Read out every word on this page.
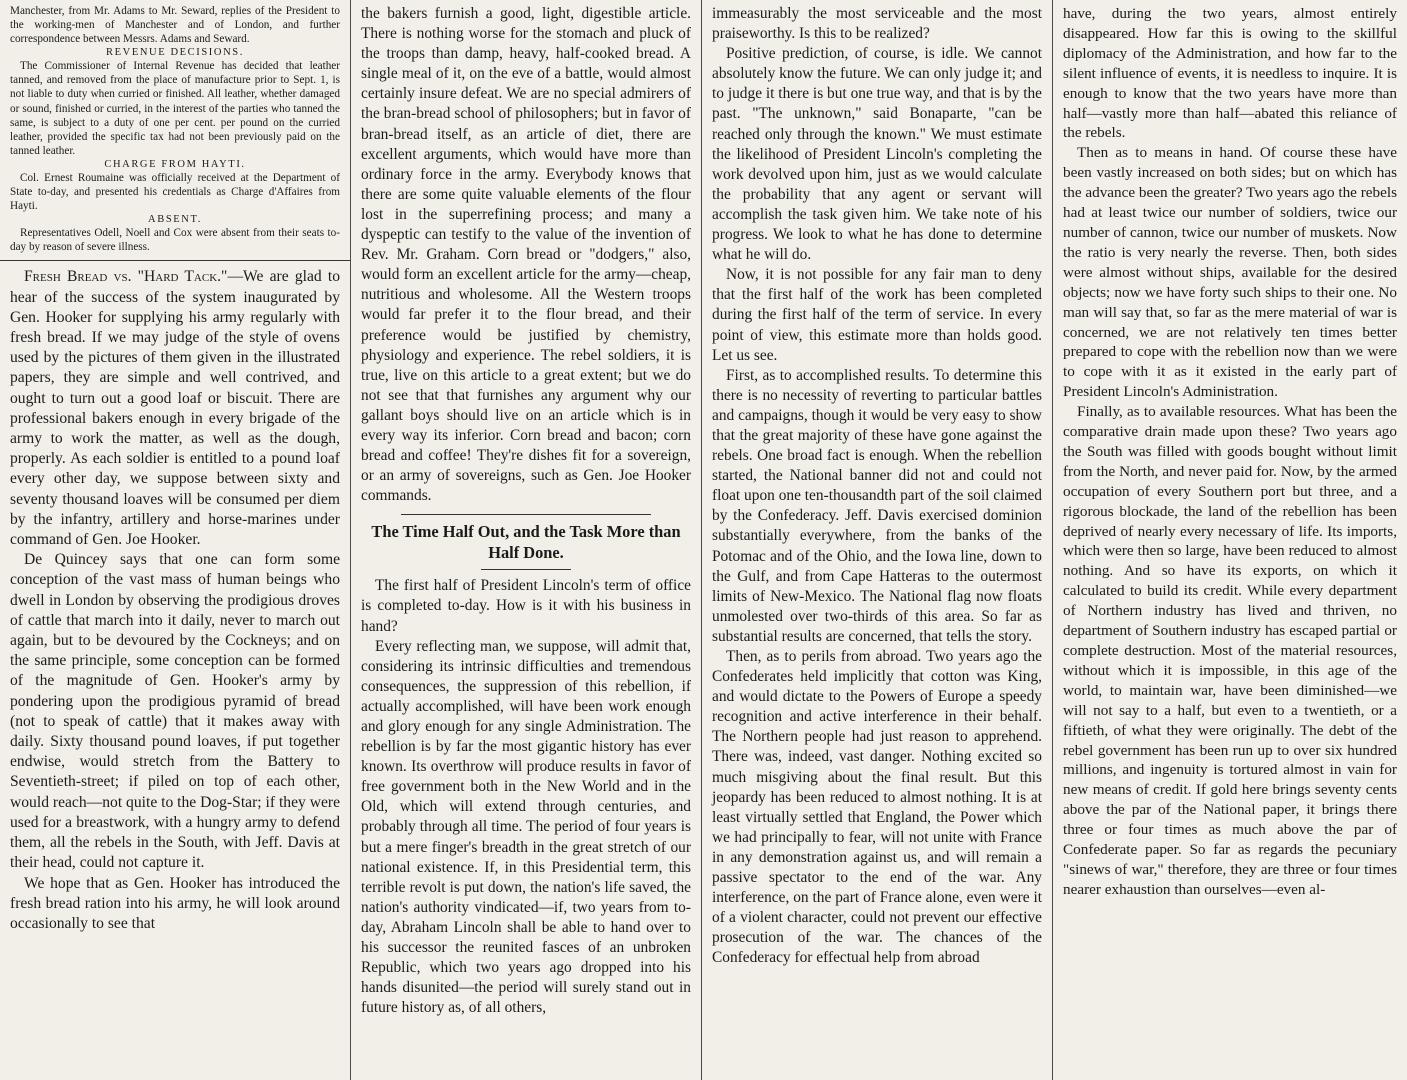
Manchester, from Mr. Adams to Mr. Seward, replies of the President to the working-men of Manchester and of London, and further correspondence between Messrs. Adams and Seward.

REVENUE DECISIONS.

The Commissioner of Internal Revenue has decided that leather tanned, and removed from the place of manufacture prior to Sept. 1, is not liable to duty when curried or finished. All leather, whether damaged or sound, finished or curried, in the interest of the parties who tanned the same, is subject to a duty of one per cent. per pound on the curried leather, provided the specific tax had not been previously paid on the tanned leather.

CHARGE FROM HAYTI.

Col. Ernest Roumaine was officially received at the Department of State to-day, and presented his credentials as Charge d'Affaires from Hayti.

ABSENT.

Representatives Odell, Noell and Cox were absent from their seats to-day by reason of severe illness.

Fresh Bread vs. "Hard Tack."—We are glad to hear of the success of the system inaugurated by Gen. Hooker for supplying his army regularly with fresh bread. If we may judge of the style of ovens used by the pictures of them given in the illustrated papers, they are simple and well contrived, and ought to turn out a good loaf or biscuit. There are professional bakers enough in every brigade of the army to work the matter, as well as the dough, properly. As each soldier is entitled to a pound loaf every other day, we suppose between sixty and seventy thousand loaves will be consumed per diem by the infantry, artillery and horse-marines under command of Gen. Joe Hooker.

De Quincey says that one can form some conception of the vast mass of human beings who dwell in London by observing the prodigious droves of cattle that march into it daily, never to march out again, but to be devoured by the Cockneys; and on the same principle, some conception can be formed of the magnitude of Gen. Hooker's army by pondering upon the prodigious pyramid of bread (not to speak of cattle) that it makes away with daily. Sixty thousand pound loaves, if put together endwise, would stretch from the Battery to Seventieth-street; if piled on top of each other, would reach—not quite to the Dog-Star; if they were used for a breastwork, with a hungry army to defend them, all the rebels in the South, with Jeff. Davis at their head, could not capture it.

We hope that as Gen. Hooker has introduced the fresh bread ration into his army, he will look around occasionally to see that

the bakers furnish a good, light, digestible article. There is nothing worse for the stomach and pluck of the troops than damp, heavy, half-cooked bread. A single meal of it, on the eve of a battle, would almost certainly insure defeat. We are no special admirers of the bran-bread school of philosophers; but in favor of bran-bread itself, as an article of diet, there are excellent arguments, which would have more than ordinary force in the army. Everybody knows that there are some quite valuable elements of the flour lost in the superrefining process; and many a dyspeptic can testify to the value of the invention of Rev. Mr. Graham. Corn bread or "dodgers," also, would form an excellent article for the army—cheap, nutritious and wholesome. All the Western troops would far prefer it to the flour bread, and their preference would be justified by chemistry, physiology and experience. The rebel soldiers, it is true, live on this article to a great extent; but we do not see that that furnishes any argument why our gallant boys should live on an article which is in every way its inferior. Corn bread and bacon; corn bread and coffee! They're dishes fit for a sovereign, or an army of sovereigns, such as Gen. Joe Hooker commands.

The Time Half Out, and the Task More than Half Done.

The first half of President Lincoln's term of office is completed to-day. How is it with his business in hand?

Every reflecting man, we suppose, will admit that, considering its intrinsic difficulties and tremendous consequences, the suppression of this rebellion, if actually accomplished, will have been work enough and glory enough for any single Administration. The rebellion is by far the most gigantic history has ever known. Its overthrow will produce results in favor of free government both in the New World and in the Old, which will extend through centuries, and probably through all time. The period of four years is but a mere finger's breadth in the great stretch of our national existence. If, in this Presidential term, this terrible revolt is put down, the nation's life saved, the nation's authority vindicated—if, two years from to-day, Abraham Lincoln shall be able to hand over to his successor the reunited fasces of an unbroken Republic, which two years ago dropped into his hands disunited—the period will surely stand out in future history as, of all others,

immeasurably the most serviceable and the most praiseworthy. Is this to be realized?

Positive prediction, of course, is idle. We cannot absolutely know the future. We can only judge it; and to judge it there is but one true way, and that is by the past. "The unknown," said Bonaparte, "can be reached only through the known." We must estimate the likelihood of President Lincoln's completing the work devolved upon him, just as we would calculate the probability that any agent or servant will accomplish the task given him. We take note of his progress. We look to what he has done to determine what he will do.

Now, it is not possible for any fair man to deny that the first half of the work has been completed during the first half of the term of service. In every point of view, this estimate more than holds good. Let us see.

First, as to accomplished results. To determine this there is no necessity of reverting to particular battles and campaigns, though it would be very easy to show that the great majority of these have gone against the rebels. One broad fact is enough. When the rebellion started, the National banner did not and could not float upon one ten-thousandth part of the soil claimed by the Confederacy. Jeff. Davis exercised dominion substantially everywhere, from the banks of the Potomac and of the Ohio, and the Iowa line, down to the Gulf, and from Cape Hatteras to the outermost limits of New-Mexico. The National flag now floats unmolested over two-thirds of this area. So far as substantial results are concerned, that tells the story.

Then, as to perils from abroad. Two years ago the Confederates held implicitly that cotton was King, and would dictate to the Powers of Europe a speedy recognition and active interference in their behalf. The Northern people had just reason to apprehend. There was, indeed, vast danger. Nothing excited so much misgiving about the final result. But this jeopardy has been reduced to almost nothing. It is at least virtually settled that England, the Power which we had principally to fear, will not unite with France in any demonstration against us, and will remain a passive spectator to the end of the war. Any interference, on the part of France alone, even were it of a violent character, could not prevent our effective prosecution of the war. The chances of the Confederacy for effectual help from abroad

have, during the two years, almost entirely disappeared. How far this is owing to the skillful diplomacy of the Administration, and how far to the silent influence of events, it is needless to inquire. It is enough to know that the two years have more than half—vastly more than half—abated this reliance of the rebels.

Then as to means in hand. Of course these have been vastly increased on both sides; but on which has the advance been the greater? Two years ago the rebels had at least twice our number of soldiers, twice our number of cannon, twice our number of muskets. Now the ratio is very nearly the reverse. Then, both sides were almost without ships, available for the desired objects; now we have forty such ships to their one. No man will say that, so far as the mere material of war is concerned, we are not relatively ten times better prepared to cope with the rebellion now than we were to cope with it as it existed in the early part of President Lincoln's Administration.

Finally, as to available resources. What has been the comparative drain made upon these? Two years ago the South was filled with goods bought without limit from the North, and never paid for. Now, by the armed occupation of every Southern port but three, and a rigorous blockade, the land of the rebellion has been deprived of nearly every necessary of life. Its imports, which were then so large, have been reduced to almost nothing. And so have its exports, on which it calculated to build its credit. While every department of Northern industry has lived and thriven, no department of Southern industry has escaped partial or complete destruction. Most of the material resources, without which it is impossible, in this age of the world, to maintain war, have been diminished—we will not say to a half, but even to a twentieth, or a fiftieth, of what they were originally. The debt of the rebel government has been run up to over six hundred millions, and ingenuity is tortured almost in vain for new means of credit. If gold here brings seventy cents above the par of the National paper, it brings there three or four times as much above the par of Confederate paper. So far as regards the pecuniary "sinews of war," therefore, they are three or four times nearer exhaustion than ourselves—even al-
